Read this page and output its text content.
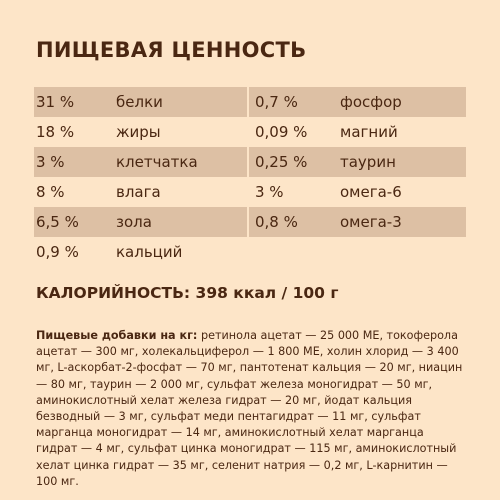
ПИЩЕВАЯ ЦЕННОСТЬ
31 %	белки	0,7 %	фосфор
18 %	жиры	0,09 %	магний
3 %	клетчатка	0,25 %	таурин
8 %	влага	3 %	омега-6
6,5 %	зола	0,8 %	омега-3
0,9 %	кальций

КАЛОРИЙНОСТЬ: 398 ккал / 100 г

Пищевые добавки на кг: ретинола ацетат — 25 000 МЕ, токоферола ацетат — 300 мг, холекальциферол — 1 800 МЕ, холин хлорид — 3 400 мг, L-аскорбат-2-фосфат — 70 мг, пантотенат кальция — 20 мг, ниацин — 80 мг, таурин — 2 000 мг, сульфат железа моногидрат — 50 мг, аминокислотный хелат железа гидрат — 20 мг, йодат кальция безводный — 3 мг, сульфат меди пентагидрат — 11 мг, сульфат марганца моногидрат — 14 мг, аминокислотный хелат марганца гидрат — 4 мг, сульфат цинка моногидрат — 115 мг, аминокислотный хелат цинка гидрат — 35 мг, селенит натрия — 0,2 мг, L-карнитин — 100 мг.
